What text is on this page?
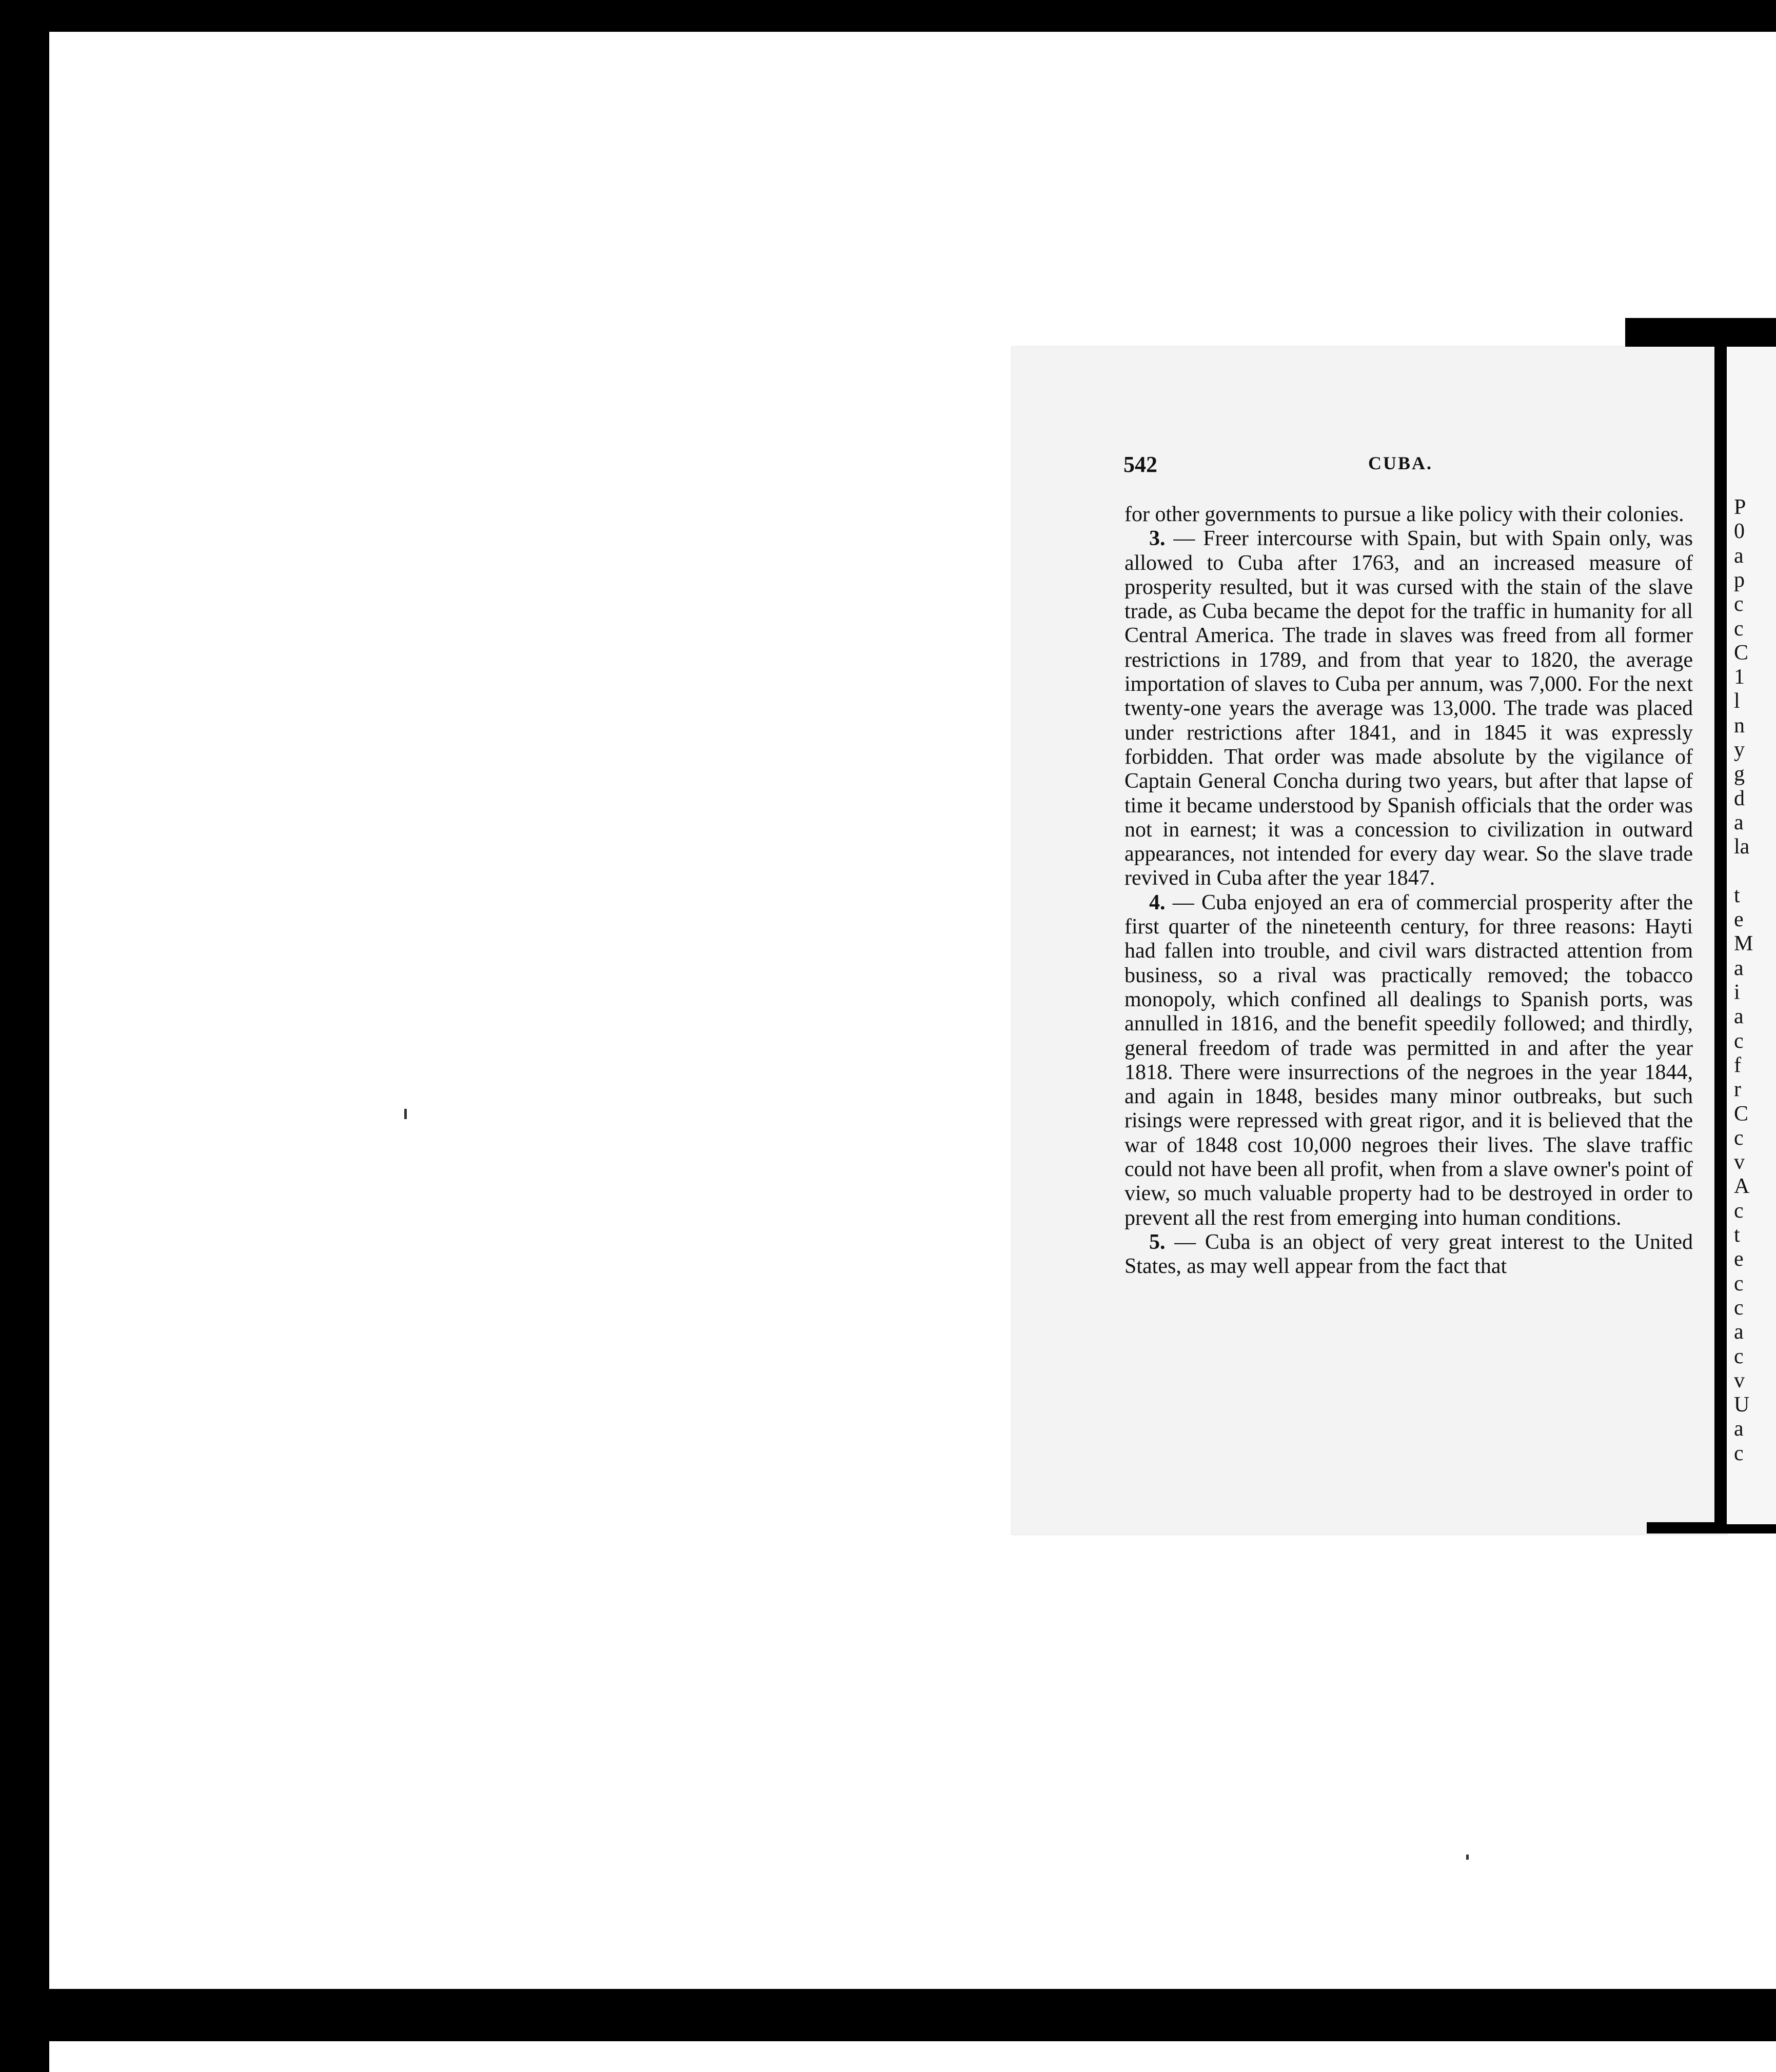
P
0
a
p
c
c
C
1
l
n
y
g
d
a
la
t
e
M
a
i
a
c
f
r
C
c
v
A
c
t
e
c
c
a
c
v
U
a
c
542	CUBA.

for other governments to pursue a like policy with their colonies.

3. — Freer intercourse with Spain, but with Spain only, was allowed to Cuba after 1763, and an increased measure of prosperity resulted, but it was cursed with the stain of the slave trade, as Cuba became the depot for the traffic in humanity for all Central America. The trade in slaves was freed from all former restrictions in 1789, and from that year to 1820, the average importation of slaves to Cuba per annum, was 7,000. For the next twenty-one years the average was 13,000. The trade was placed under restrictions after 1841, and in 1845 it was expressly forbidden. That order was made absolute by the vigilance of Captain General Concha during two years, but after that lapse of time it became understood by Spanish officials that the order was not in earnest; it was a concession to civilization in outward appearances, not intended for every day wear. So the slave trade revived in Cuba after the year 1847.

4. — Cuba enjoyed an era of commercial prosperity after the first quarter of the nineteenth century, for three reasons: Hayti had fallen into trouble, and civil wars distracted attention from business, so a rival was practically removed; the tobacco monopoly, which confined all dealings to Spanish ports, was annulled in 1816, and the benefit speedily followed; and thirdly, general freedom of trade was permitted in and after the year 1818. There were insurrections of the negroes in the year 1844, and again in 1848, besides many minor outbreaks, but such risings were repressed with great rigor, and it is believed that the war of 1848 cost 10,000 negroes their lives. The slave traffic could not have been all profit, when from a slave owner's point of view, so much valuable property had to be destroyed in order to prevent all the rest from emerging into human conditions.

5. — Cuba is an object of very great interest to the United States, as may well appear from the fact that
